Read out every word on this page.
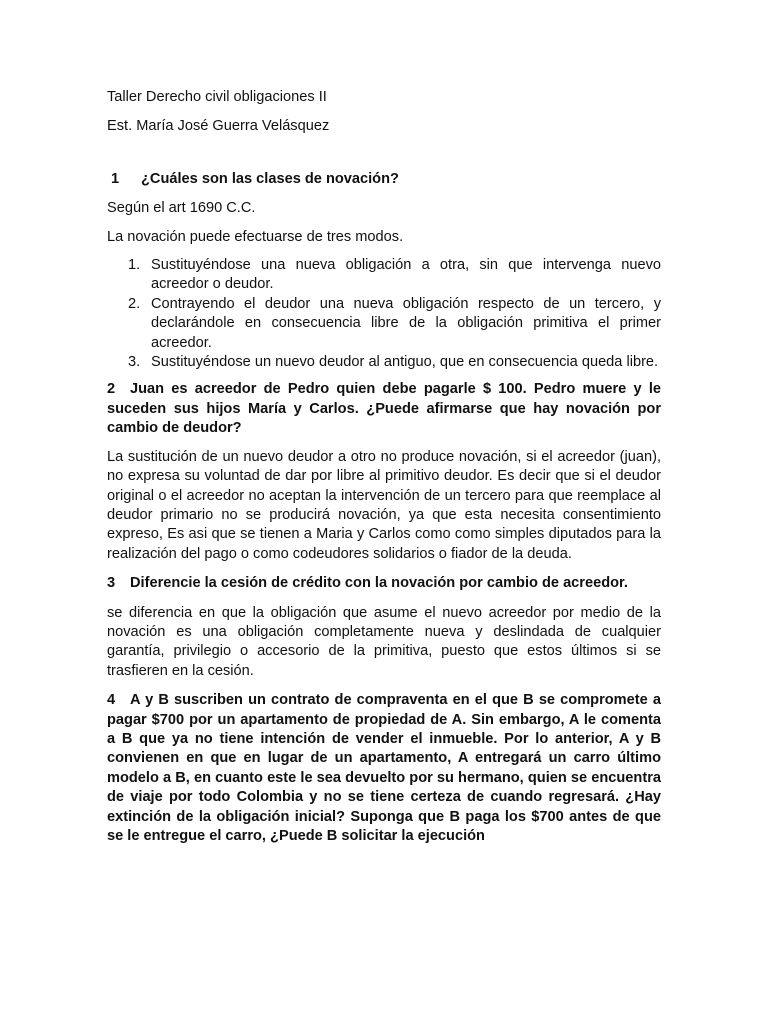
Taller Derecho civil obligaciones II

Est. María José Guerra Velásquez

1 ¿Cuáles son las clases de novación?

Según el art 1690 C.C.

La novación puede efectuarse de tres modos.

1. Sustituyéndose una nueva obligación a otra, sin que intervenga nuevo acreedor o deudor.
2. Contrayendo el deudor una nueva obligación respecto de un tercero, y declarándole en consecuencia libre de la obligación primitiva el primer acreedor.
3. Sustituyéndose un nuevo deudor al antiguo, que en consecuencia queda libre.

2 Juan es acreedor de Pedro quien debe pagarle $ 100. Pedro muere y le suceden sus hijos María y Carlos. ¿Puede afirmarse que hay novación por cambio de deudor?

La sustitución de un nuevo deudor a otro no produce novación, si el acreedor (juan), no expresa su voluntad de dar por libre al primitivo deudor. Es decir que si el deudor original o el acreedor no aceptan la intervención de un tercero para que reemplace al deudor primario no se producirá novación, ya que esta necesita consentimiento expreso, Es asi que se tienen a Maria y Carlos como como simples diputados para la realización del pago o como codeudores solidarios o fiador de la deuda.

3 Diferencie la cesión de crédito con la novación por cambio de acreedor.

se diferencia en que la obligación que asume el nuevo acreedor por medio de la novación es una obligación completamente nueva y deslindada de cualquier garantía, privilegio o accesorio de la primitiva, puesto que estos últimos si se trasfieren en la cesión.

4 A y B suscriben un contrato de compraventa en el que B se compromete a pagar $700 por un apartamento de propiedad de A. Sin embargo, A le comenta a B que ya no tiene intención de vender el inmueble. Por lo anterior, A y B convienen en que en lugar de un apartamento, A entregará un carro último modelo a B, en cuanto este le sea devuelto por su hermano, quien se encuentra de viaje por todo Colombia y no se tiene certeza de cuando regresará. ¿Hay extinción de la obligación inicial? Suponga que B paga los $700 antes de que se le entregue el carro, ¿Puede B solicitar la ejecución
